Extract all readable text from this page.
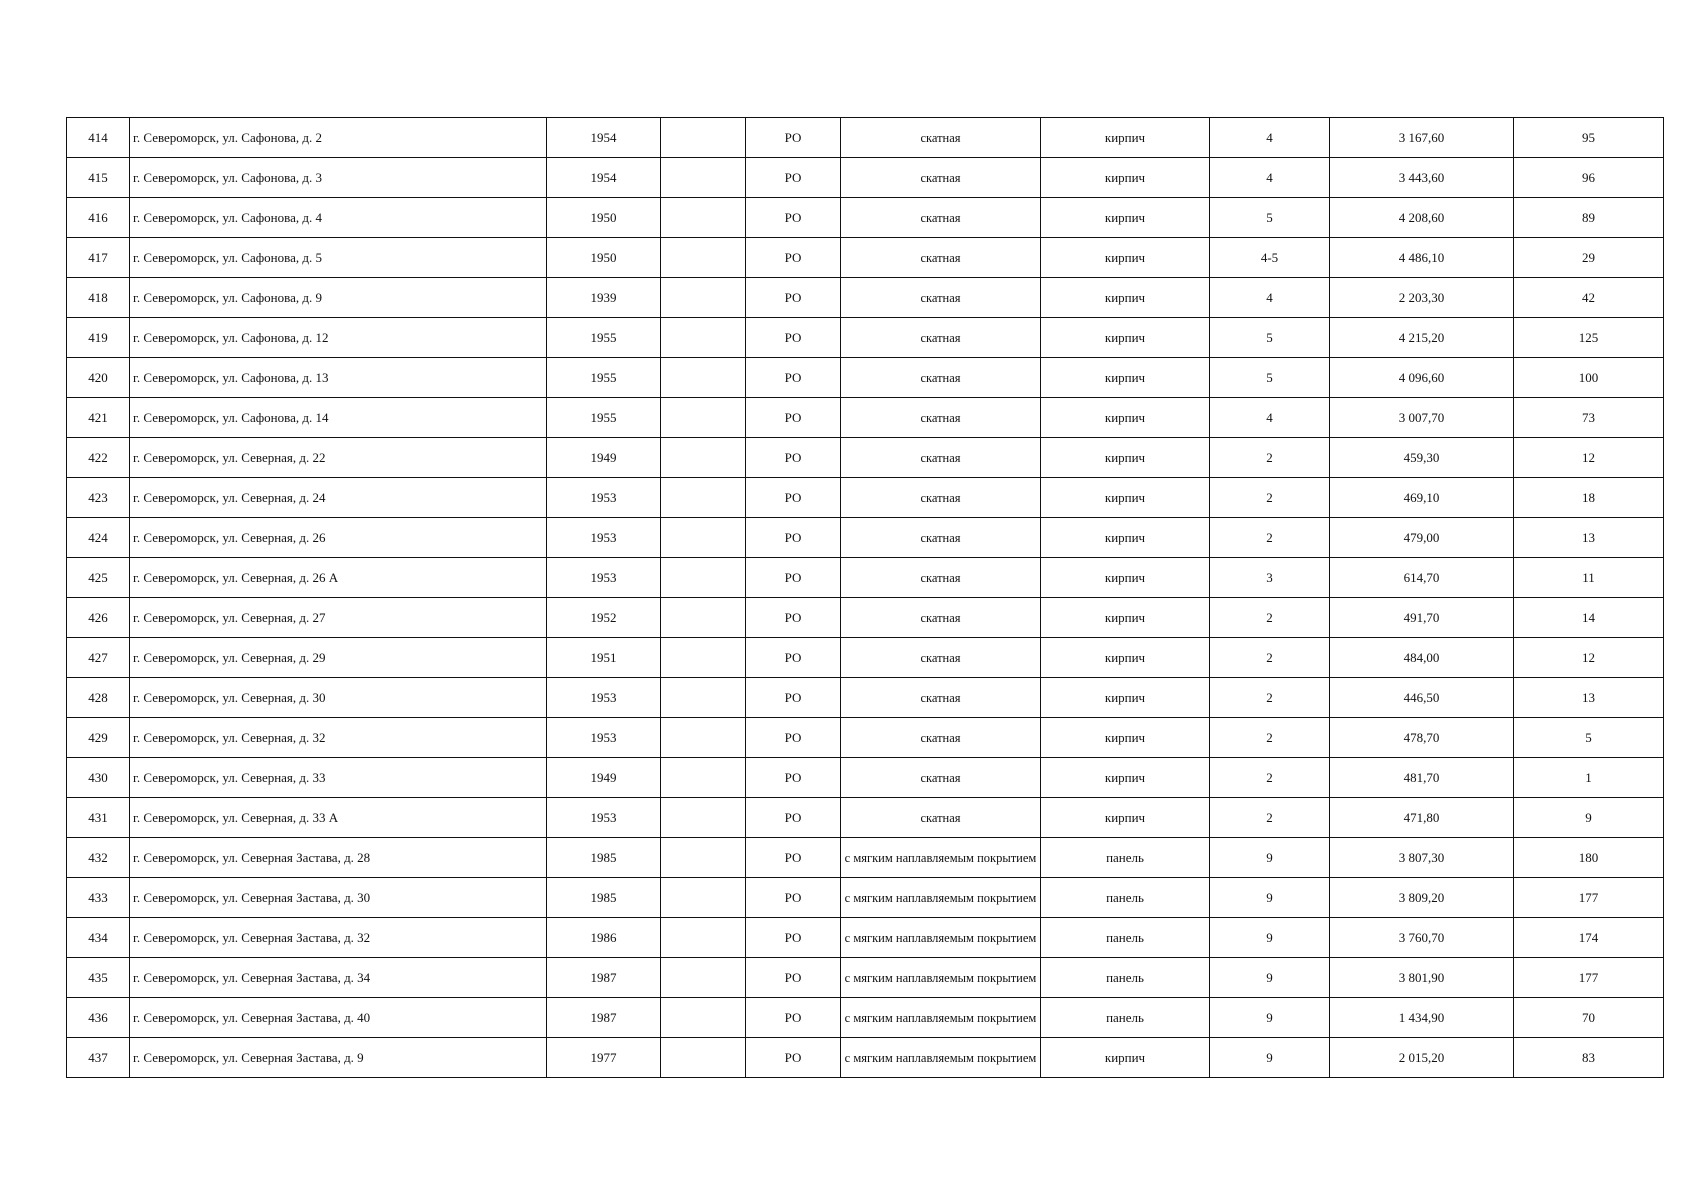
414	г. Североморск, ул. Сафонова, д. 2	1954		РО	скатная	кирпич	4	3 167,60	95
415	г. Североморск, ул. Сафонова, д. 3	1954		РО	скатная	кирпич	4	3 443,60	96
416	г. Североморск, ул. Сафонова, д. 4	1950		РО	скатная	кирпич	5	4 208,60	89
417	г. Североморск, ул. Сафонова, д. 5	1950		РО	скатная	кирпич	4-5	4 486,10	29
418	г. Североморск, ул. Сафонова, д. 9	1939		РО	скатная	кирпич	4	2 203,30	42
419	г. Североморск, ул. Сафонова, д. 12	1955		РО	скатная	кирпич	5	4 215,20	125
420	г. Североморск, ул. Сафонова, д. 13	1955		РО	скатная	кирпич	5	4 096,60	100
421	г. Североморск, ул. Сафонова, д. 14	1955		РО	скатная	кирпич	4	3 007,70	73
422	г. Североморск, ул. Северная, д. 22	1949		РО	скатная	кирпич	2	459,30	12
423	г. Североморск, ул. Северная, д. 24	1953		РО	скатная	кирпич	2	469,10	18
424	г. Североморск, ул. Северная, д. 26	1953		РО	скатная	кирпич	2	479,00	13
425	г. Североморск, ул. Северная, д. 26 А	1953		РО	скатная	кирпич	3	614,70	11
426	г. Североморск, ул. Северная, д. 27	1952		РО	скатная	кирпич	2	491,70	14
427	г. Североморск, ул. Северная, д. 29	1951		РО	скатная	кирпич	2	484,00	12
428	г. Североморск, ул. Северная, д. 30	1953		РО	скатная	кирпич	2	446,50	13
429	г. Североморск, ул. Северная, д. 32	1953		РО	скатная	кирпич	2	478,70	5
430	г. Североморск, ул. Северная, д. 33	1949		РО	скатная	кирпич	2	481,70	1
431	г. Североморск, ул. Северная, д. 33 А	1953		РО	скатная	кирпич	2	471,80	9
432	г. Североморск, ул. Северная Застава, д. 28	1985		РО	с мягким наплавляемым покрытием	панель	9	3 807,30	180
433	г. Североморск, ул. Северная Застава, д. 30	1985		РО	с мягким наплавляемым покрытием	панель	9	3 809,20	177
434	г. Североморск, ул. Северная Застава, д. 32	1986		РО	с мягким наплавляемым покрытием	панель	9	3 760,70	174
435	г. Североморск, ул. Северная Застава, д. 34	1987		РО	с мягким наплавляемым покрытием	панель	9	3 801,90	177
436	г. Североморск, ул. Северная Застава, д. 40	1987		РО	с мягким наплавляемым покрытием	панель	9	1 434,90	70
437	г. Североморск, ул. Северная Застава, д. 9	1977		РО	с мягким наплавляемым покрытием	кирпич	9	2 015,20	83
